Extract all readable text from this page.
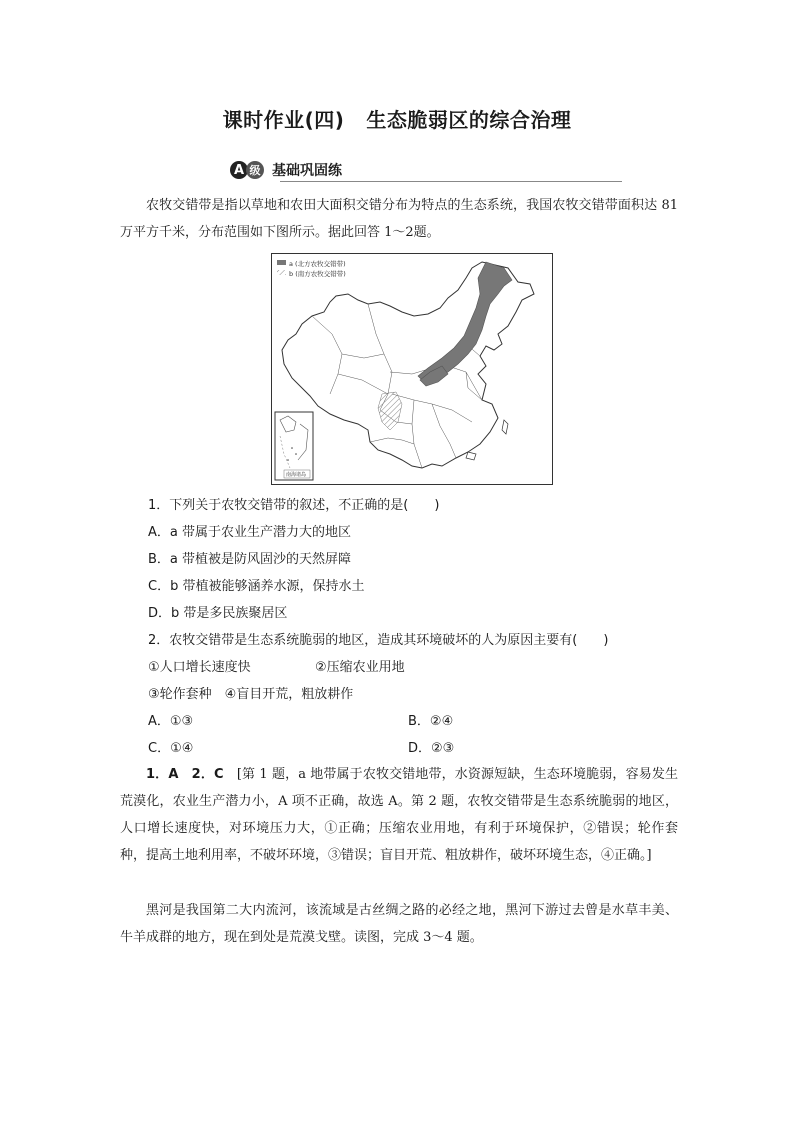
课时作业(四) 生态脆弱区的综合治理
A 级 基础巩固练

农牧交错带是指以草地和农田大面积交错分布为特点的生态系统，我国农牧交错带面积达 81 万平方千米，分布范围如下图所示。据此回答 1～2题。

a (北方农牧交错带)
b (南方农牧交错带)
南海诸岛
1．下列关于农牧交错带的叙述，不正确的是(　　)
A．a 带属于农业生产潜力大的地区
B．a 带植被是防风固沙的天然屏障
C．b 带植被能够涵养水源，保持水土
D．b 带是多民族聚居区
2．农牧交错带是生态系统脆弱的地区，造成其环境破坏的人为原因主要有(　　)
①人口增长速度快	②压缩农业用地
③轮作套种　④盲目开荒，粗放耕作
A．①③	B．②④
C．①④	D．②③

1．A　2．C　 [第 1 题，a 地带属于农牧交错地带，水资源短缺，生态环境脆弱，容易发生荒漠化，农业生产潜力小，A 项不正确，故选 A。第 2 题，农牧交错带是生态系统脆弱的地区，人口增长速度快，对环境压力大，①正确；压缩农业用地，有利于环境保护，②错误；轮作套种，提高土地利用率，不破坏环境，③错误；盲目开荒、粗放耕作，破坏环境生态，④正确。]

黑河是我国第二大内流河，该流域是古丝绸之路的必经之地，黑河下游过去曾是水草丰美、牛羊成群的地方，现在到处是荒漠戈壁。读图，完成 3～4 题。
